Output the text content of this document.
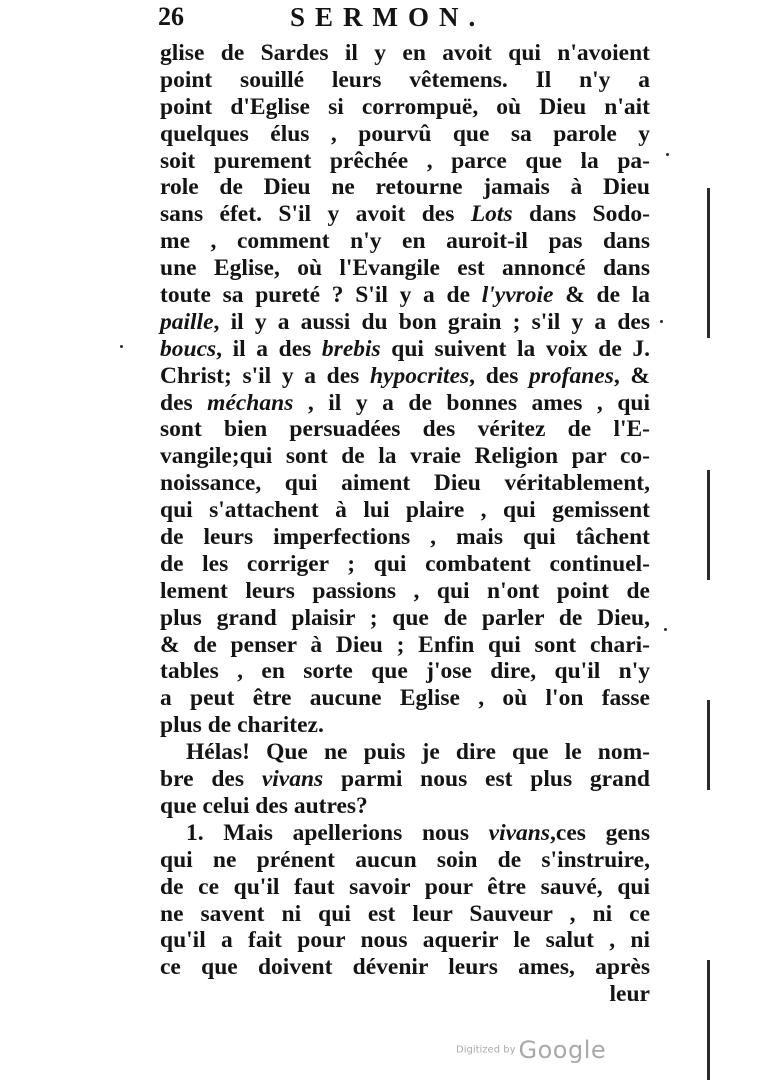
26	SERMON.
glise de Sardes il y en avoit qui n'avoient
point souillé leurs vêtemens. Il n'y a
point d'Eglise si corrompuë, où Dieu n'ait
quelques élus , pourvû que sa parole y
soit purement prêchée , parce que la pa-
role de Dieu ne retourne jamais à Dieu
sans éfet. S'il y avoit des Lots dans Sodo-
me , comment n'y en auroit-il pas dans
une Eglise, où l'Evangile est annoncé dans
toute sa pureté ? S'il y a de l'yvroie & de la
paille, il y a aussi du bon grain ; s'il y a des
boucs, il a des brebis qui suivent la voix de J.
Christ; s'il y a des hypocrites, des profanes, &
des méchans , il y a de bonnes ames , qui
sont bien persuadées des véritez de l'E-
vangile;qui sont de la vraie Religion par co-
noissance, qui aiment Dieu véritablement,
qui s'attachent à lui plaire , qui gemissent
de leurs imperfections , mais qui tâchent
de les corriger ; qui combatent continuel-
lement leurs passions , qui n'ont point de
plus grand plaisir ; que de parler de Dieu,
& de penser à Dieu ; Enfin qui sont chari-
tables , en sorte que j'ose dire, qu'il n'y
a peut être aucune Eglise , où l'on fasse
plus de charitez.
Hélas! Que ne puis je dire que le nom-
bre des vivans parmi nous est plus grand
que celui des autres?
1. Mais apellerions nous vivans,ces gens
qui ne prénent aucun soin de s'instruire,
de ce qu'il faut savoir pour être sauvé, qui
ne savent ni qui est leur Sauveur , ni ce
qu'il a fait pour nous aquerir le salut , ni
ce que doivent dévenir leurs ames, après
leur
Digitized by Google
